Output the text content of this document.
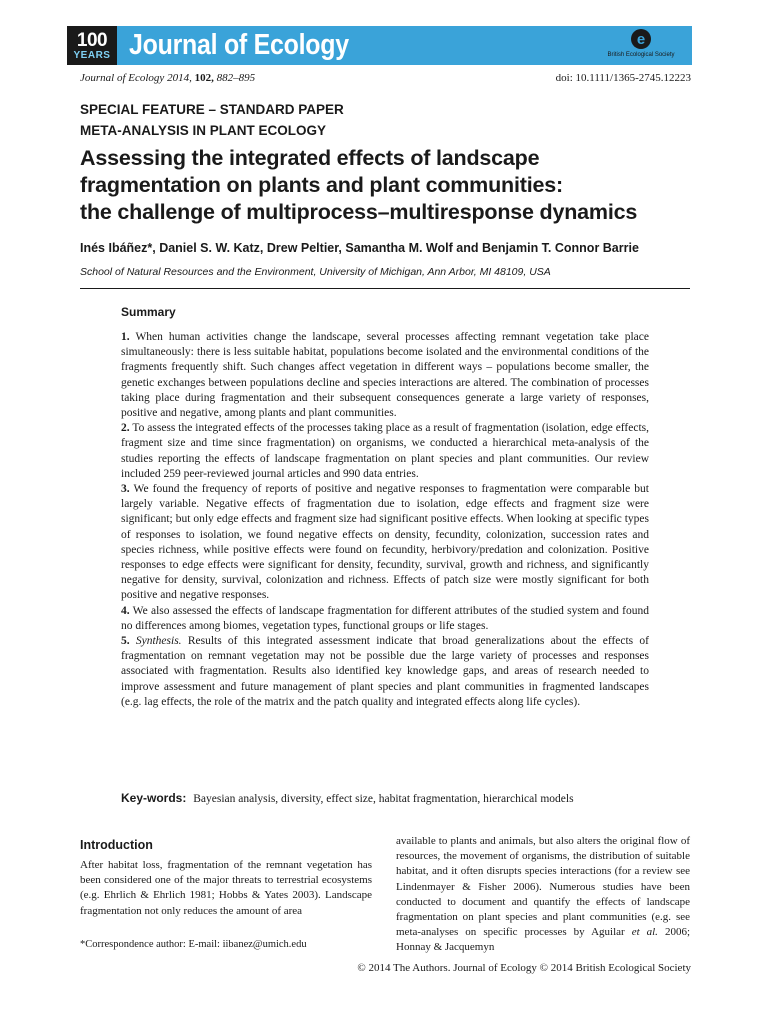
100
YEARS Journal of Ecology	e
British Ecological Society
Journal of Ecology 2014, 102, 882–895	doi: 10.1111/1365-2745.12223
SPECIAL FEATURE – STANDARD PAPER
META-ANALYSIS IN PLANT ECOLOGY
Assessing the integrated effects of landscape
fragmentation on plants and plant communities:
the challenge of multiprocess–multiresponse dynamics
Inés Ibáñez*, Daniel S. W. Katz, Drew Peltier, Samantha M. Wolf and Benjamin T. Connor Barrie
School of Natural Resources and the Environment, University of Michigan, Ann Arbor, MI 48109, USA
Summary

1. When human activities change the landscape, several processes affecting remnant vegetation take place simultaneously: there is less suitable habitat, populations become isolated and the environmental conditions of the fragments frequently shift. Such changes affect vegetation in different ways – populations become smaller, the genetic exchanges between populations decline and species interactions are altered. The combination of processes taking place during fragmentation and their subsequent consequences generate a large variety of responses, positive and negative, among plants and plant communities.

2. To assess the integrated effects of the processes taking place as a result of fragmentation (isolation, edge effects, fragment size and time since fragmentation) on organisms, we conducted a hierarchical meta-analysis of the studies reporting the effects of landscape fragmentation on plant species and plant communities. Our review included 259 peer-reviewed journal articles and 990 data entries.

3. We found the frequency of reports of positive and negative responses to fragmentation were comparable but largely variable. Negative effects of fragmentation due to isolation, edge effects and fragment size were significant; but only edge effects and fragment size had significant positive effects. When looking at specific types of responses to isolation, we found negative effects on density, fecundity, colonization, succession rates and species richness, while positive effects were found on fecundity, herbivory/predation and colonization. Positive responses to edge effects were significant for density, fecundity, survival, growth and richness, and significantly negative for density, survival, colonization and richness. Effects of patch size were mostly significant for both positive and negative responses.

4. We also assessed the effects of landscape fragmentation for different attributes of the studied system and found no differences among biomes, vegetation types, functional groups or life stages.

5. Synthesis. Results of this integrated assessment indicate that broad generalizations about the effects of fragmentation on remnant vegetation may not be possible due the large variety of processes and responses associated with fragmentation. Results also identified key knowledge gaps, and areas of research needed to improve assessment and future management of plant species and plant communities in fragmented landscapes (e.g. lag effects, the role of the matrix and the patch quality and integrated effects along life cycles).

Key-words: Bayesian analysis, diversity, effect size, habitat fragmentation, hierarchical models
Introduction

After habitat loss, fragmentation of the remnant vegetation has been considered one of the major threats to terrestrial ecosystems (e.g. Ehrlich & Ehrlich 1981; Hobbs & Yates 2003). Landscape fragmentation not only reduces the amount of area

available to plants and animals, but also alters the original flow of resources, the movement of organisms, the distribution of suitable habitat, and it often disrupts species interactions (for a review see Lindenmayer & Fisher 2006). Numerous studies have been conducted to document and quantify the effects of landscape fragmentation on plant species and plant communities (e.g. see meta-analyses on specific processes by Aguilar et al. 2006; Honnay & Jacquemyn

*Correspondence author: E-mail: iibanez@umich.edu
© 2014 The Authors. Journal of Ecology © 2014 British Ecological Society
